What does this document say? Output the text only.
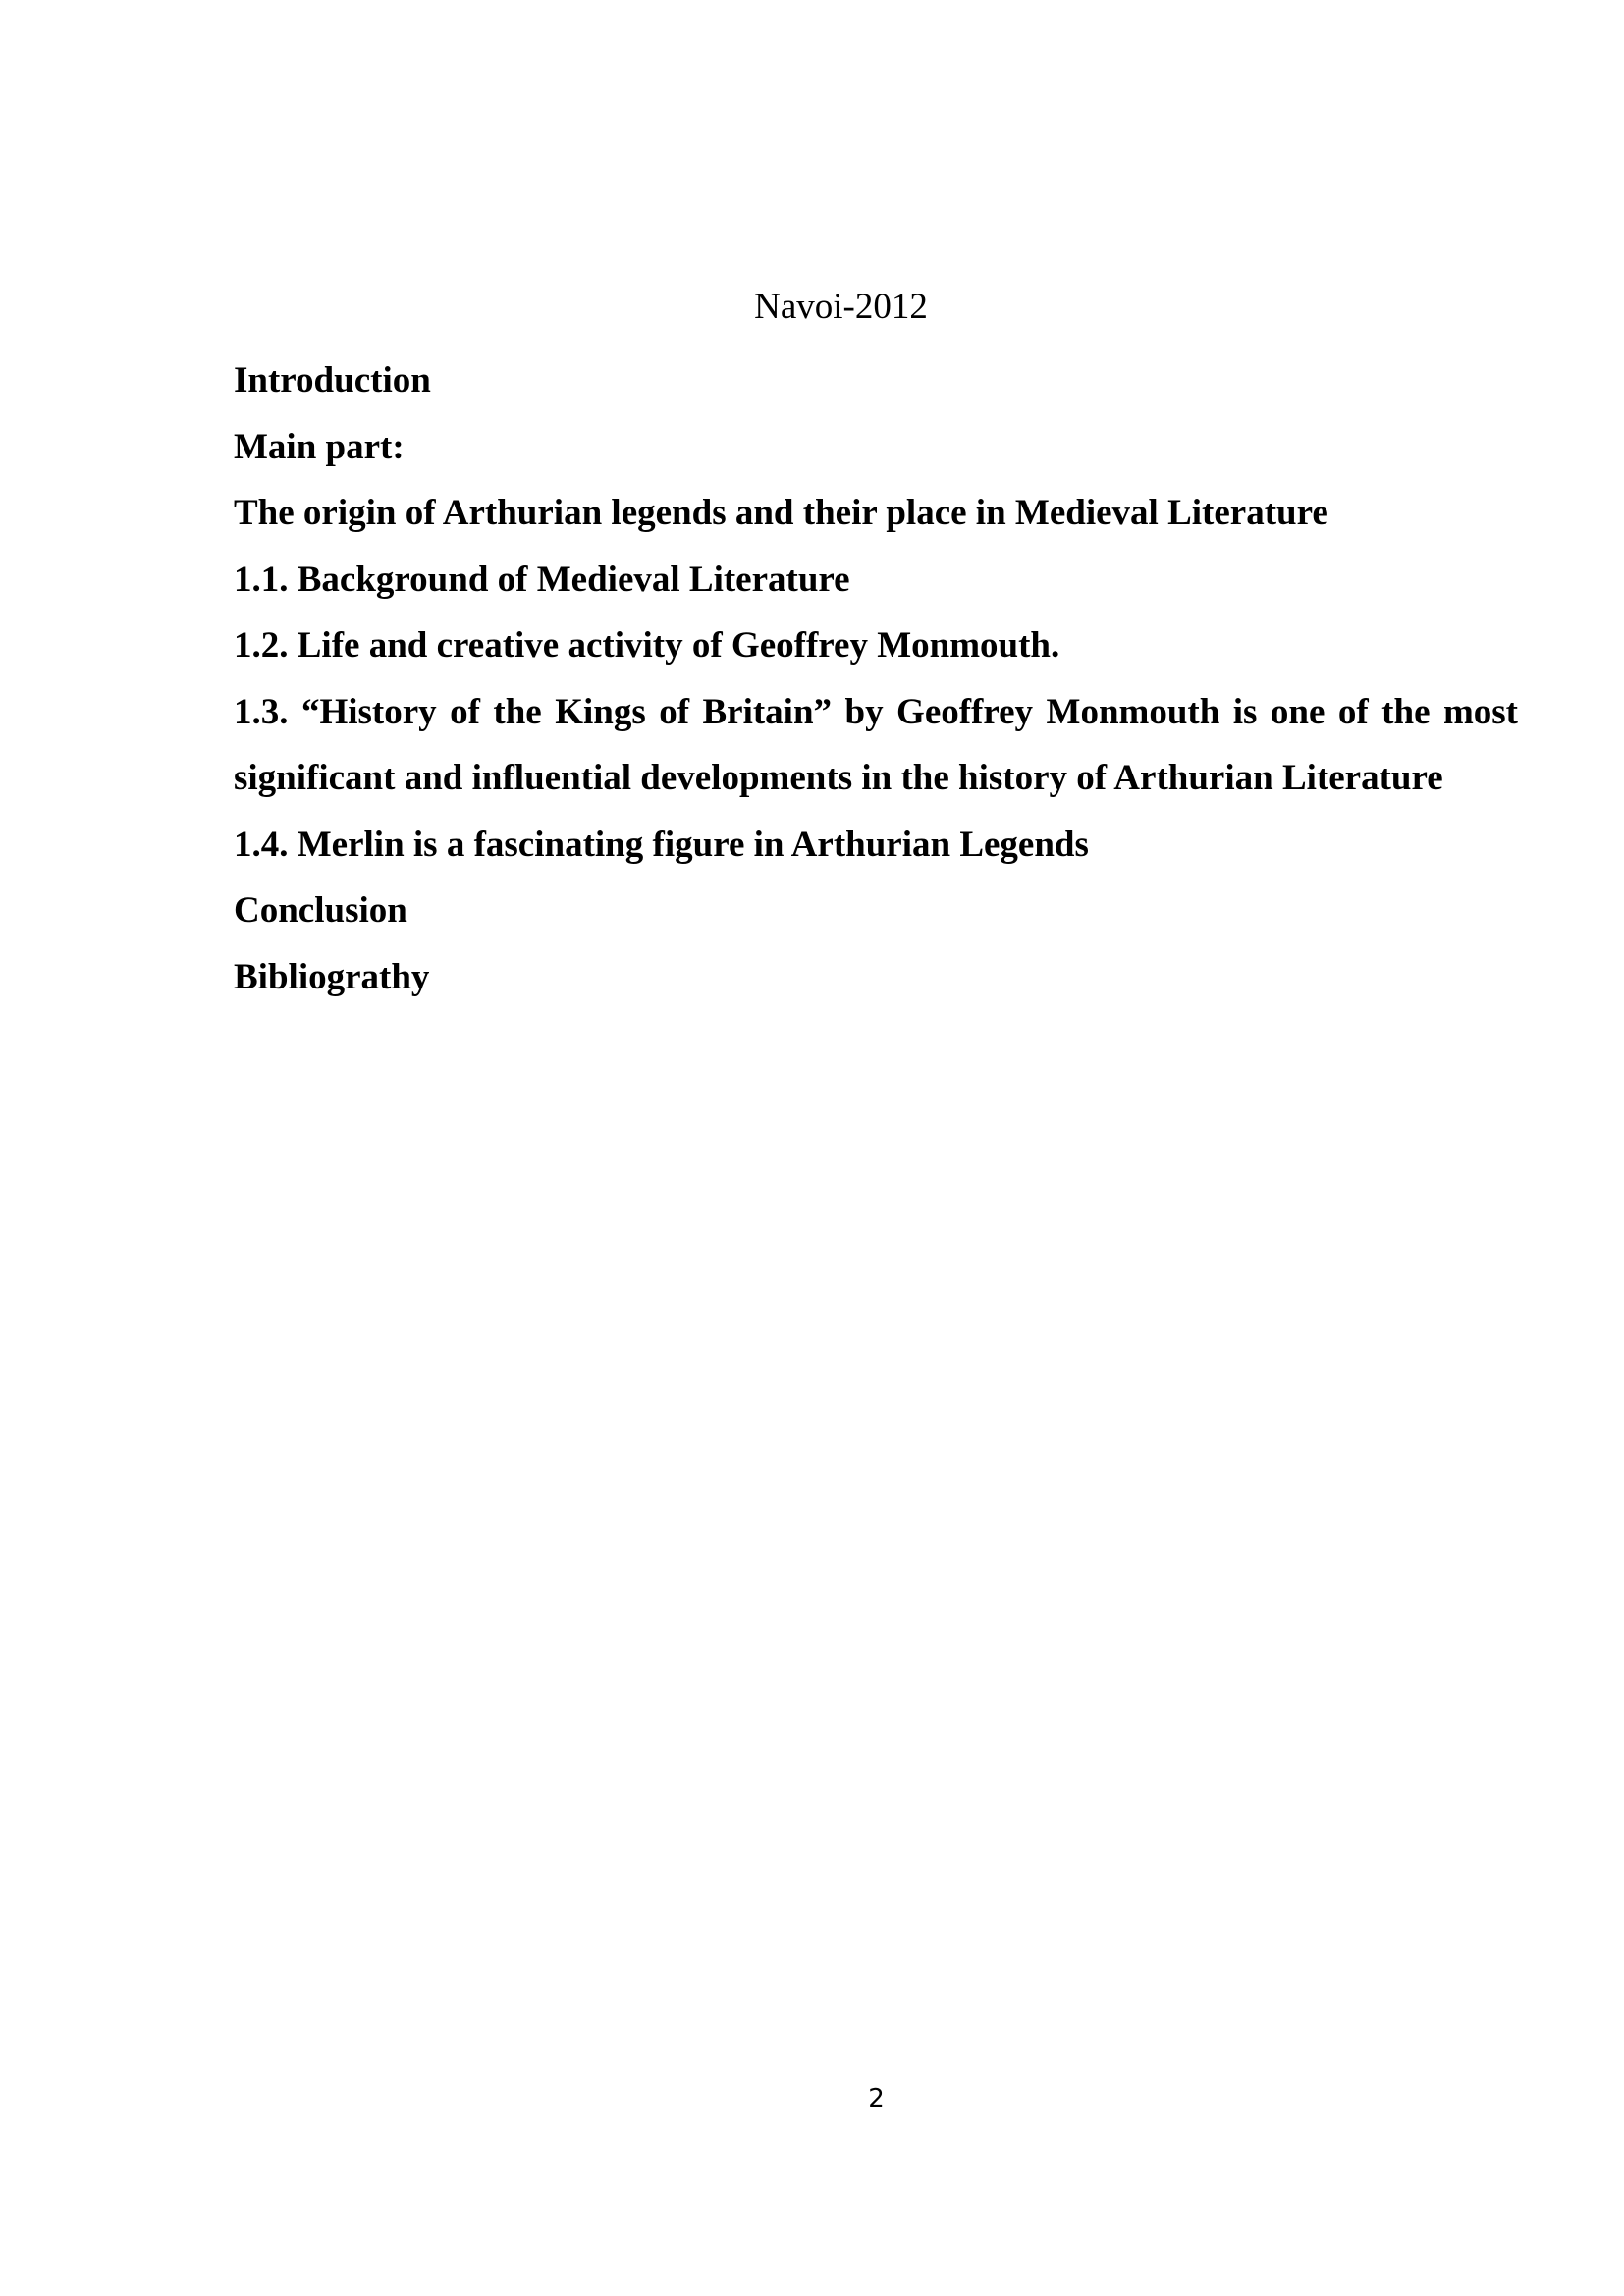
Navoi-2012

Introduction
Main part:
The origin of Arthurian legends and their place in Medieval Literature
1.1. Background of Medieval Literature
1.2. Life and creative activity of Geoffrey Monmouth.
1.3. “History of the Kings of Britain” by Geoffrey Monmouth is one of the most significant and influential developments in the history of Arthurian Literature
1.4. Merlin is a fascinating figure in Arthurian Legends
Conclusion
Bibliograthy

2
